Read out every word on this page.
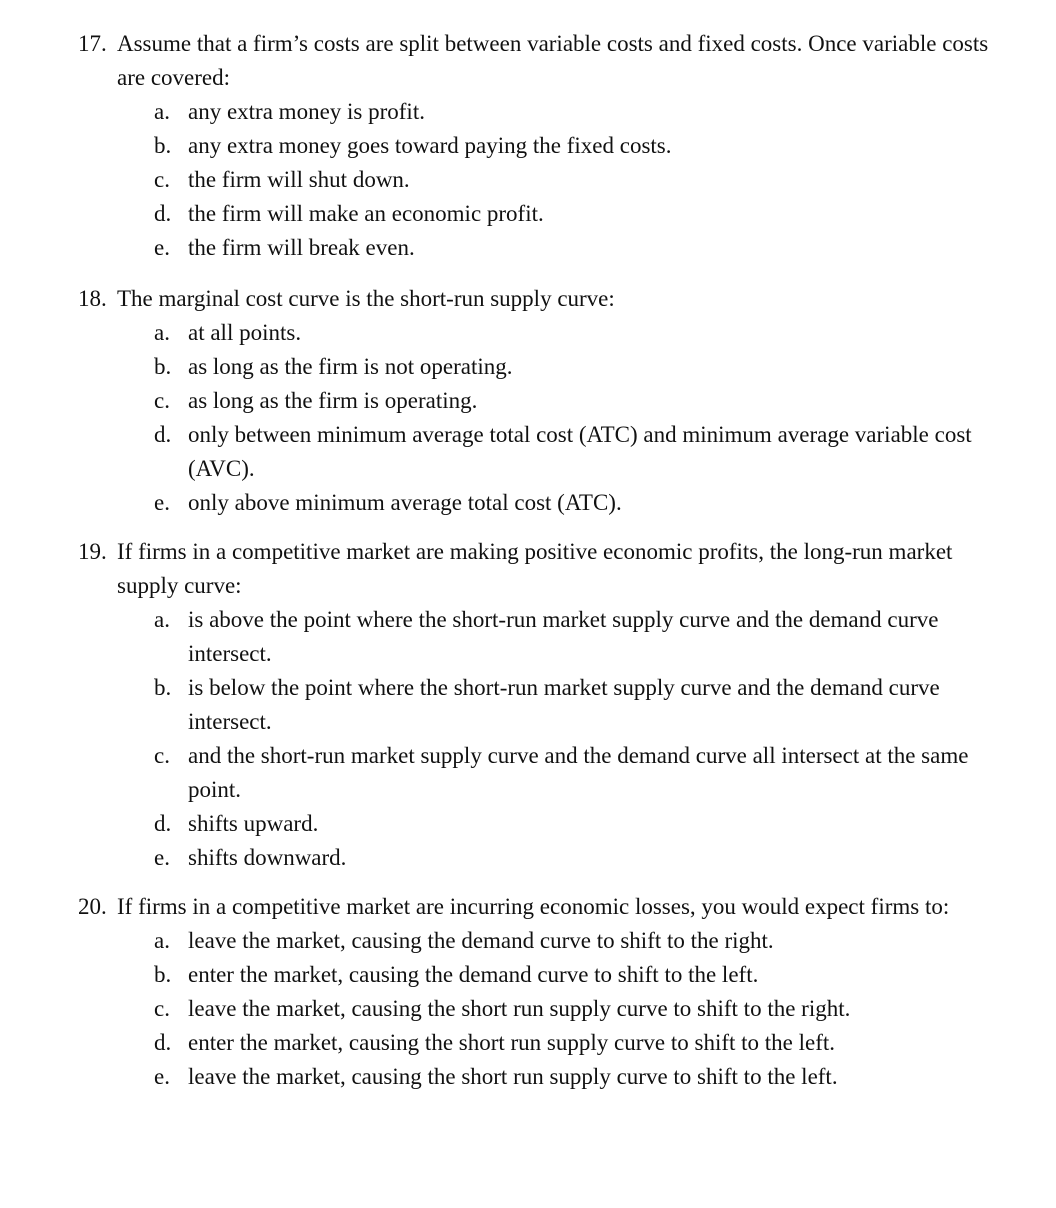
17. Assume that a firm’s costs are split between variable costs and fixed costs. Once variable costs are covered:
a. any extra money is profit.
b. any extra money goes toward paying the fixed costs.
c. the firm will shut down.
d. the firm will make an economic profit.
e. the firm will break even.
18. The marginal cost curve is the short-run supply curve:
a. at all points.
b. as long as the firm is not operating.
c. as long as the firm is operating.
d. only between minimum average total cost (ATC) and minimum average variable cost (AVC).
e. only above minimum average total cost (ATC).
19. If firms in a competitive market are making positive economic profits, the long-run market supply curve:
a. is above the point where the short-run market supply curve and the demand curve intersect.
b. is below the point where the short-run market supply curve and the demand curve intersect.
c. and the short-run market supply curve and the demand curve all intersect at the same point.
d. shifts upward.
e. shifts downward.
20. If firms in a competitive market are incurring economic losses, you would expect firms to:
a. leave the market, causing the demand curve to shift to the right.
b. enter the market, causing the demand curve to shift to the left.
c. leave the market, causing the short run supply curve to shift to the right.
d. enter the market, causing the short run supply curve to shift to the left.
e. leave the market, causing the short run supply curve to shift to the left.
